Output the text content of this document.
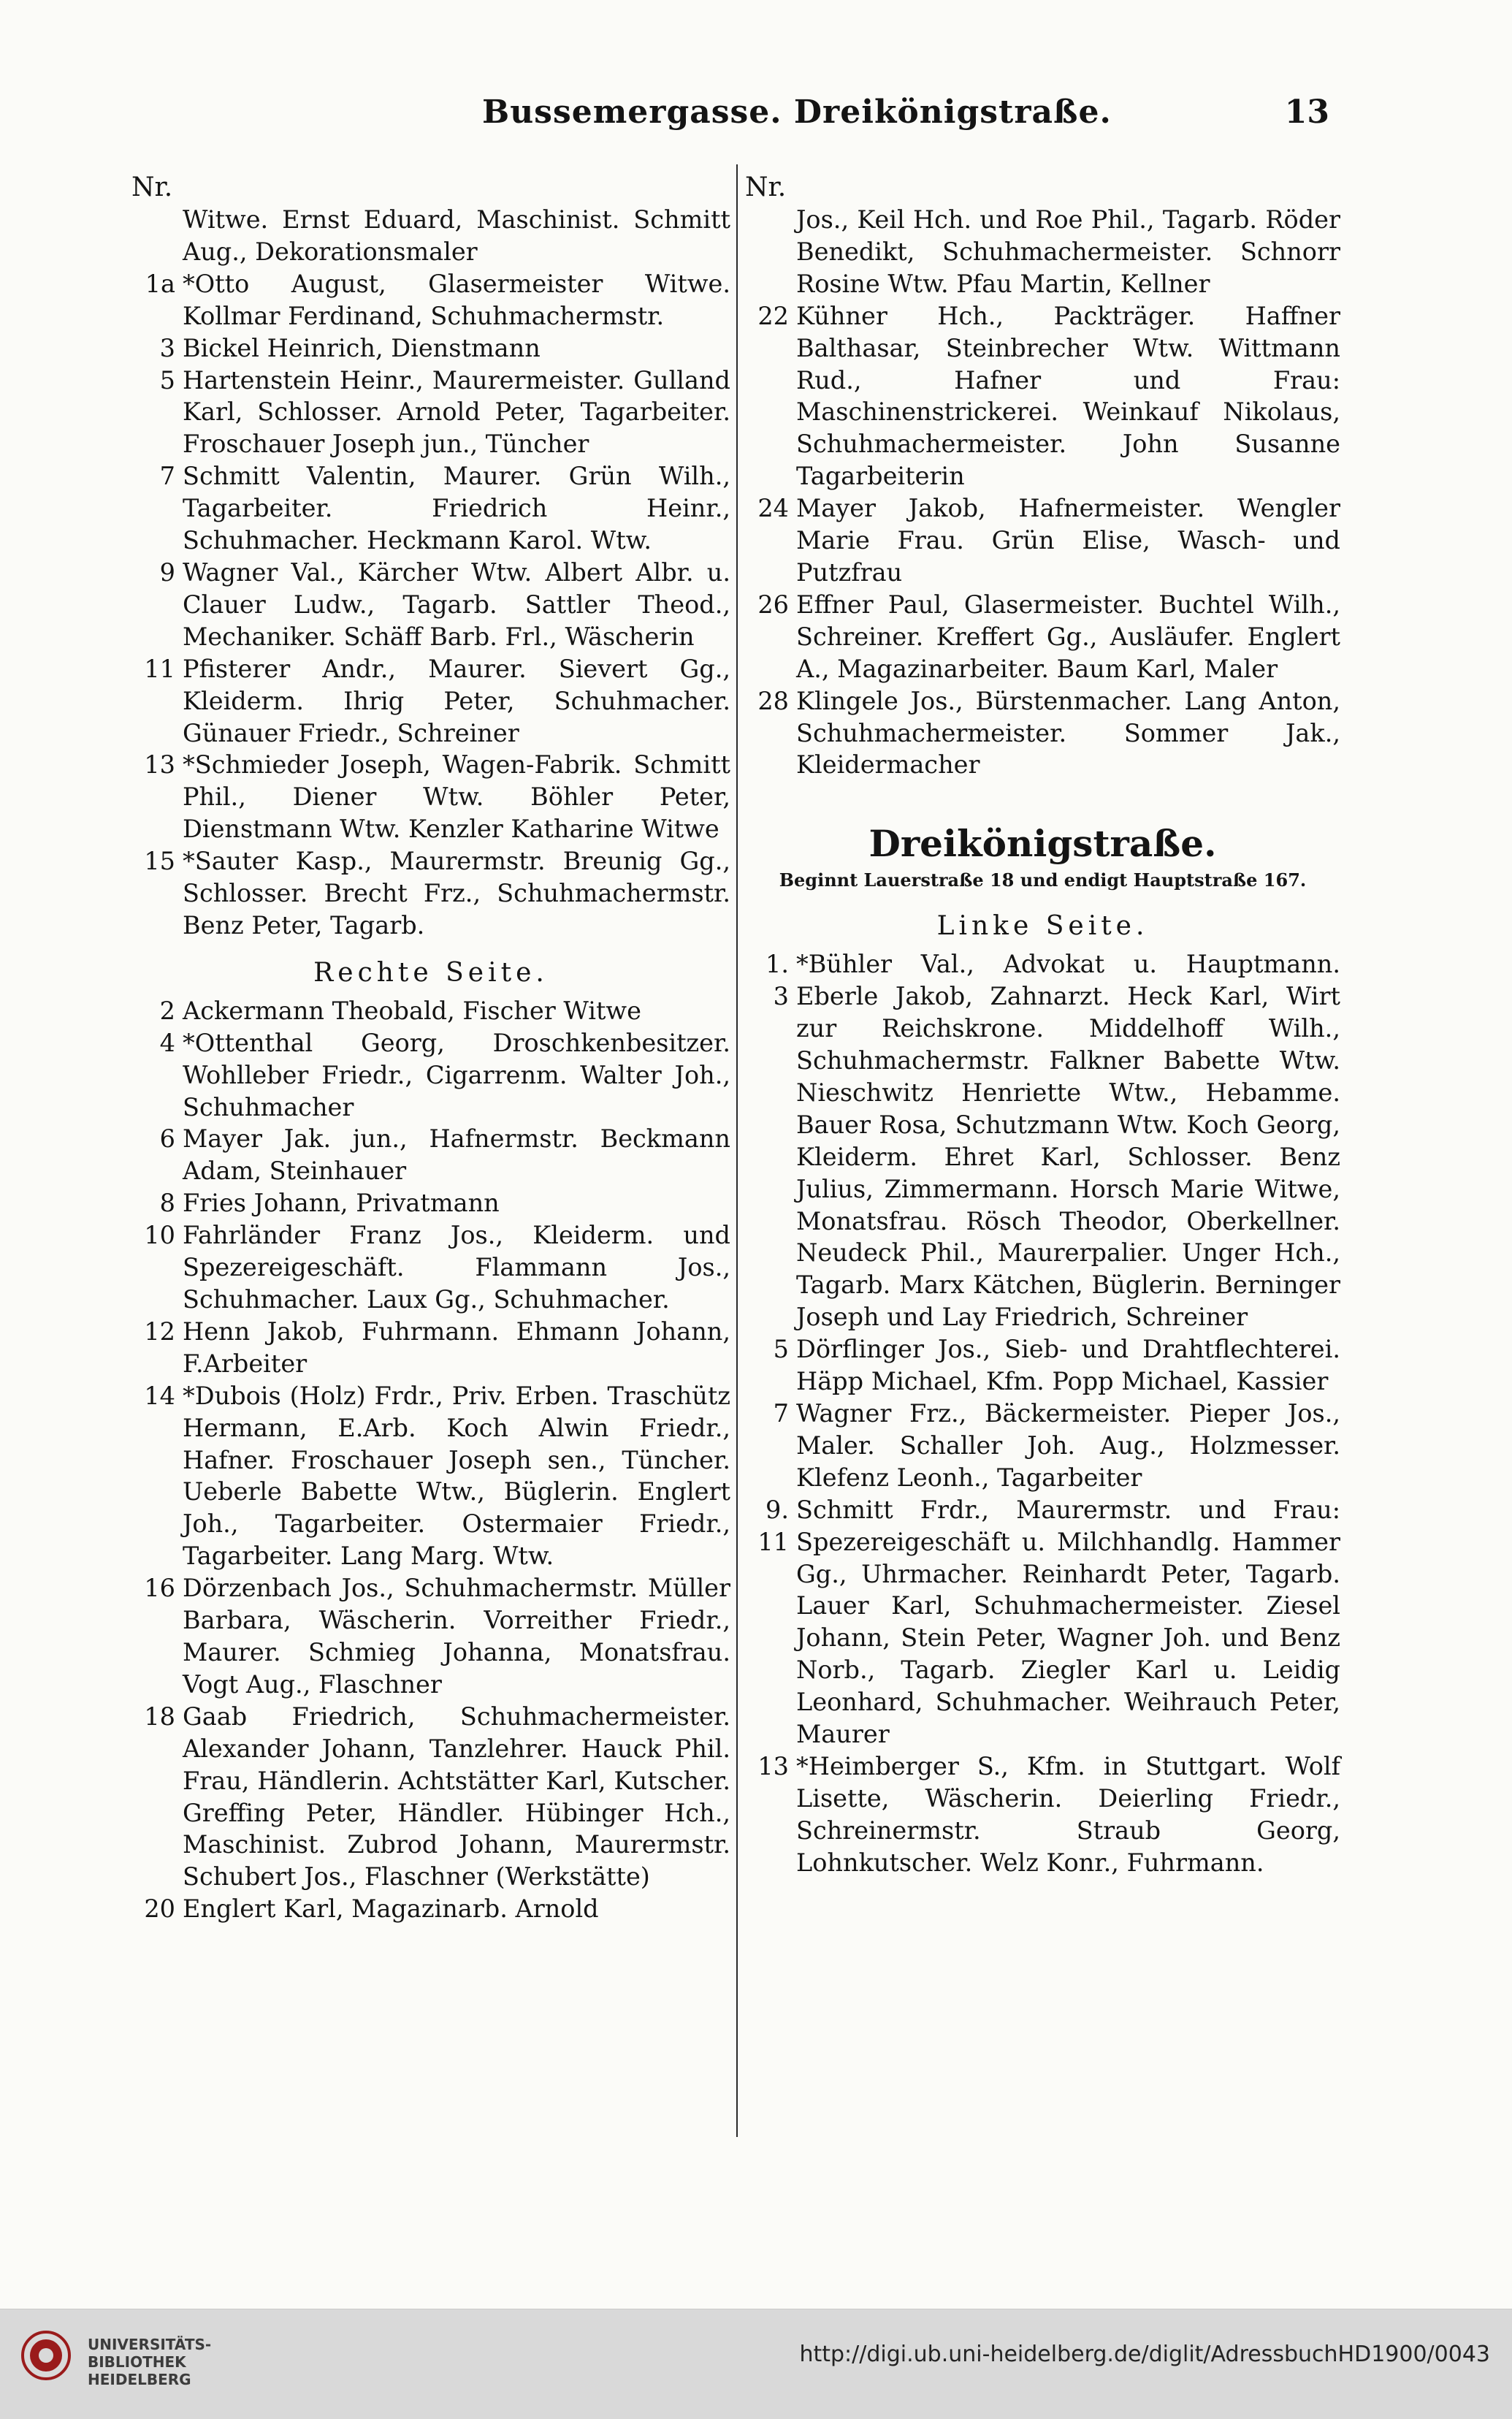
Bussemergasse. Dreikönigstraße.	13
Nr.

Witwe. Ernst Eduard, Maschinist. Schmitt Aug., Dekorationsmaler

1a *Otto August, Glasermeister Witwe. Kollmar Ferdinand, Schuhmachermstr.

3 Bickel Heinrich, Dienstmann

5 Hartenstein Heinr., Maurermeister. Gulland Karl, Schlosser. Arnold Peter, Tagarbeiter. Froschauer Joseph jun., Tüncher

7 Schmitt Valentin, Maurer. Grün Wilh., Tagarbeiter. Friedrich Heinr., Schuhmacher. Heckmann Karol. Wtw.

9 Wagner Val., Kärcher Wtw. Albert Albr. u. Clauer Ludw., Tagarb. Sattler Theod., Mechaniker. Schäff Barb. Frl., Wäscherin

11 Pfisterer Andr., Maurer. Sievert Gg., Kleiderm. Ihrig Peter, Schuhmacher. Günauer Friedr., Schreiner

13 *Schmieder Joseph, Wagen-Fabrik. Schmitt Phil., Diener Wtw. Böhler Peter, Dienstmann Wtw. Kenzler Katharine Witwe

15 *Sauter Kasp., Maurermstr. Breunig Gg., Schlosser. Brecht Frz., Schuhmachermstr. Benz Peter, Tagarb.

Rechte Seite.

2 Ackermann Theobald, Fischer Witwe

4 *Ottenthal Georg, Droschkenbesitzer. Wohlleber Friedr., Cigarrenm. Walter Joh., Schuhmacher

6 Mayer Jak. jun., Hafnermstr. Beckmann Adam, Steinhauer

8 Fries Johann, Privatmann

10 Fahrländer Franz Jos., Kleiderm. und Spezereigeschäft. Flammann Jos., Schuhmacher. Laux Gg., Schuhmacher.

12 Henn Jakob, Fuhrmann. Ehmann Johann, F.Arbeiter

14 *Dubois (Holz) Frdr., Priv. Erben. Traschütz Hermann, E.Arb. Koch Alwin Friedr., Hafner. Froschauer Joseph sen., Tüncher. Ueberle Babette Wtw., Büglerin. Englert Joh., Tagarbeiter. Ostermaier Friedr., Tagarbeiter. Lang Marg. Wtw.

16 Dörzenbach Jos., Schuhmachermstr. Müller Barbara, Wäscherin. Vorreither Friedr., Maurer. Schmieg Johanna, Monatsfrau. Vogt Aug., Flaschner

18 Gaab Friedrich, Schuhmachermeister. Alexander Johann, Tanzlehrer. Hauck Phil. Frau, Händlerin. Achtstätter Karl, Kutscher. Greffing Peter, Händler. Hübinger Hch., Maschinist. Zubrod Johann, Maurermstr. Schubert Jos., Flaschner (Werkstätte)

20 Englert Karl, Magazinarb. Arnold

Nr.

Jos., Keil Hch. und Roe Phil., Tagarb. Röder Benedikt, Schuhmachermeister. Schnorr Rosine Wtw. Pfau Martin, Kellner

22 Kühner Hch., Packträger. Haffner Balthasar, Steinbrecher Wtw. Wittmann Rud., Hafner und Frau: Maschinenstrickerei. Weinkauf Nikolaus, Schuhmachermeister. John Susanne Tagarbeiterin

24 Mayer Jakob, Hafnermeister. Wengler Marie Frau. Grün Elise, Wasch- und Putzfrau

26 Effner Paul, Glasermeister. Buchtel Wilh., Schreiner. Kreffert Gg., Ausläufer. Englert A., Magazinarbeiter. Baum Karl, Maler

28 Klingele Jos., Bürstenmacher. Lang Anton, Schuhmachermeister. Sommer Jak., Kleidermacher

Dreikönigstraße.
Beginnt Lauerstraße 18 und endigt Hauptstraße 167.
Linke Seite.

1. 3
*Bühler Val., Advokat u. Hauptmann. Eberle Jakob, Zahnarzt. Heck Karl, Wirt zur Reichskrone. Middelhoff Wilh., Schuhmachermstr. Falkner Babette Wtw. Nieschwitz Henriette Wtw., Hebamme. Bauer Rosa, Schutzmann Wtw. Koch Georg, Kleiderm. Ehret Karl, Schlosser. Benz Julius, Zimmermann. Horsch Marie Witwe, Monatsfrau. Rösch Theodor, Oberkellner. Neudeck Phil., Maurerpalier. Unger Hch., Tagarb. Marx Kätchen, Büglerin. Berninger Joseph und Lay Friedrich, Schreiner

5 Dörflinger Jos., Sieb- und Drahtflechterei. Häpp Michael, Kfm. Popp Michael, Kassier

7 Wagner Frz., Bäckermeister. Pieper Jos., Maler. Schaller Joh. Aug., Holzmesser. Klefenz Leonh., Tagarbeiter

9. 11
Schmitt Frdr., Maurermstr. und Frau: Spezereigeschäft u. Milchhandlg. Hammer Gg., Uhrmacher. Reinhardt Peter, Tagarb. Lauer Karl, Schuhmachermeister. Ziesel Johann, Stein Peter, Wagner Joh. und Benz Norb., Tagarb. Ziegler Karl u. Leidig Leonhard, Schuhmacher. Weihrauch Peter, Maurer

13 *Heimberger S., Kfm. in Stuttgart. Wolf Lisette, Wäscherin. Deierling Friedr., Schreinermstr. Straub Georg, Lohnkutscher. Welz Konr., Fuhrmann.

UNIVERSITÄTS-
BIBLIOTHEK
HEIDELBERG
http://digi.ub.uni-heidelberg.de/diglit/AdressbuchHD1900/0043
